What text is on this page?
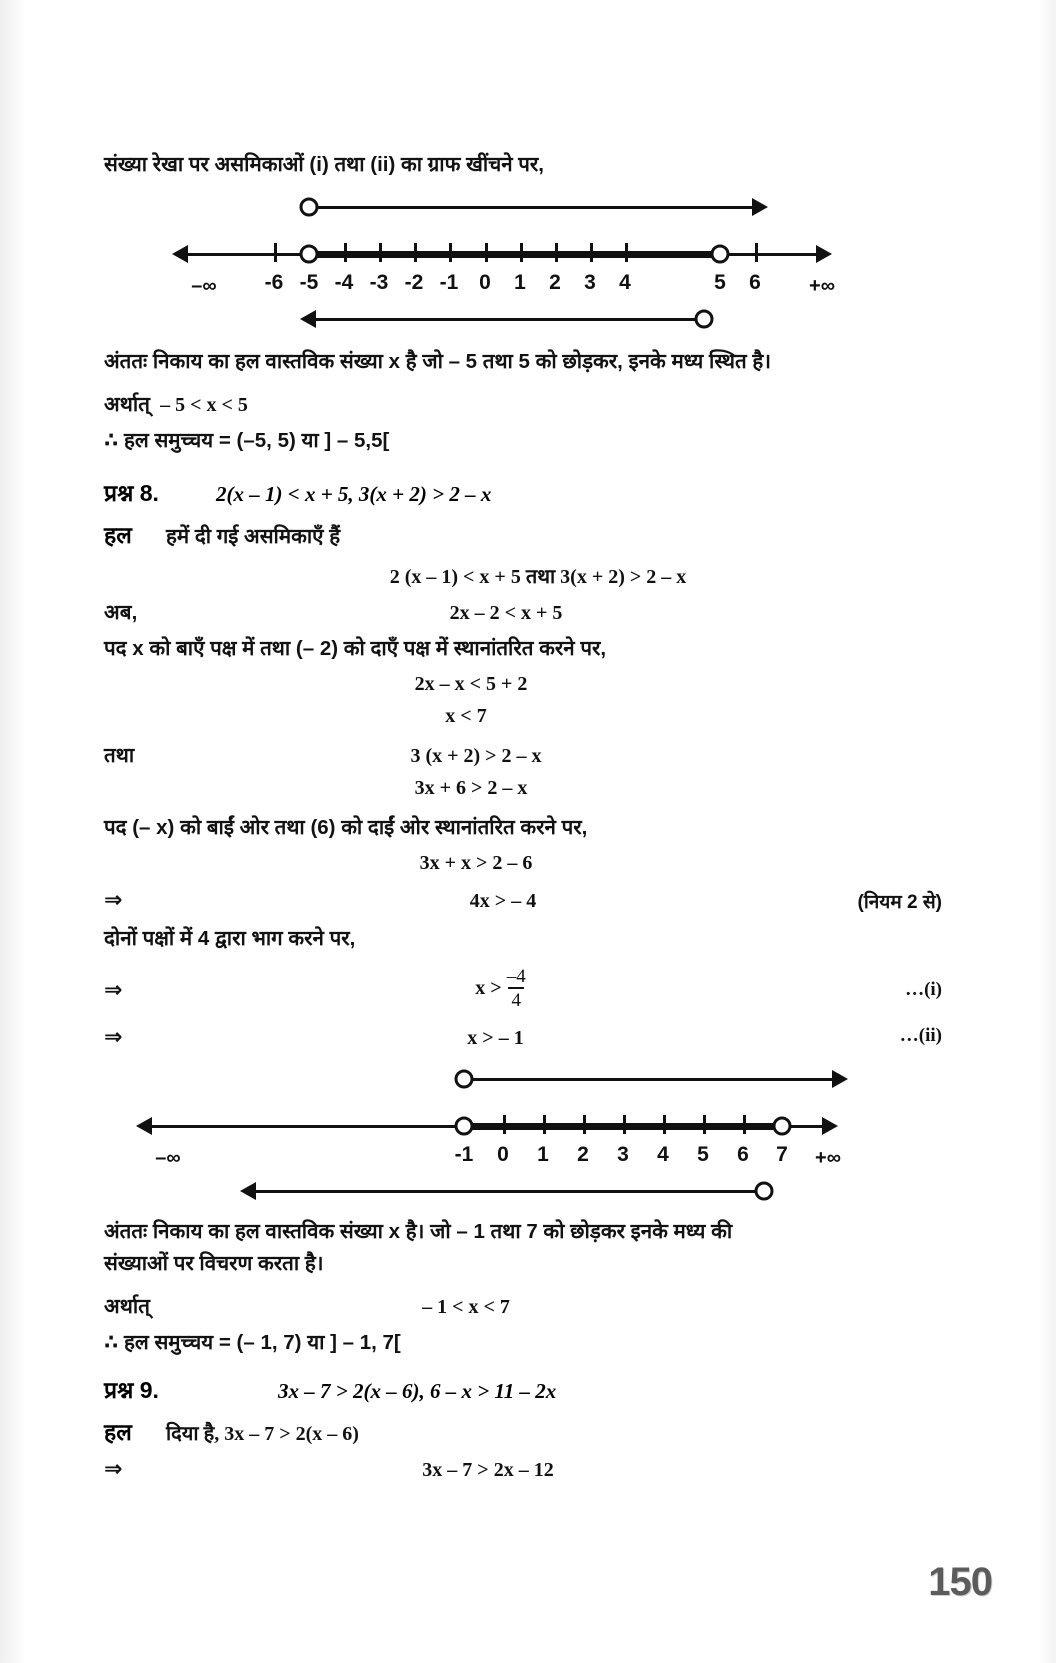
संख्या रेखा पर असमिकाओं (i) तथा (ii) का ग्राफ खींचने पर,
–∞ -6 -5 -4 -3 -2 -1 0 1 2 3 4	5 6 +∞
अंततः निकाय का हल वास्तविक संख्या x है जो – 5 तथा 5 को छोड़कर, इनके मध्य स्थित है।
अर्थात् – 5 < x < 5
∴ हल समुच्चय = (–5, 5) या ] – 5,5[
प्रश्न 8.	2(x – 1) < x + 5, 3(x + 2) > 2 – x
हल	हमें दी गई असमिकाएँ हैं
2 (x – 1) < x + 5 तथा 3(x + 2) > 2 – x
अब,	2x – 2 < x + 5
पद x को बाएँ पक्ष में तथा (– 2) को दाएँ पक्ष में स्थानांतरित करने पर,
2x – x < 5 + 2
x < 7
तथा	3 (x + 2) > 2 – x
3x + 6 > 2 – x
पद (– x) को बाईं ओर तथा (6) को दाईं ओर स्थानांतरित करने पर,
3x + x > 2 – 6
⇒	4x > – 4	(नियम 2 से)
दोनों पक्षों में 4 द्वारा भाग करने पर,
⇒	$x > \frac{-4}{4}$	…(i)
⇒	x > – 1	…(ii)
–∞	-1 0 1 2 3 4 5 6 7 +∞
अंततः निकाय का हल वास्तविक संख्या x है। जो – 1 तथा 7 को छोड़कर इनके मध्य की
संख्याओं पर विचरण करता है।
अर्थात्	– 1 < x < 7
∴ हल समुच्चय = (– 1, 7) या ] – 1, 7[
प्रश्न 9.	3x – 7 > 2(x – 6), 6 – x > 11 – 2x
हल	दिया है, 3x – 7 > 2(x – 6)
⇒	3x – 7 > 2x – 12
150
